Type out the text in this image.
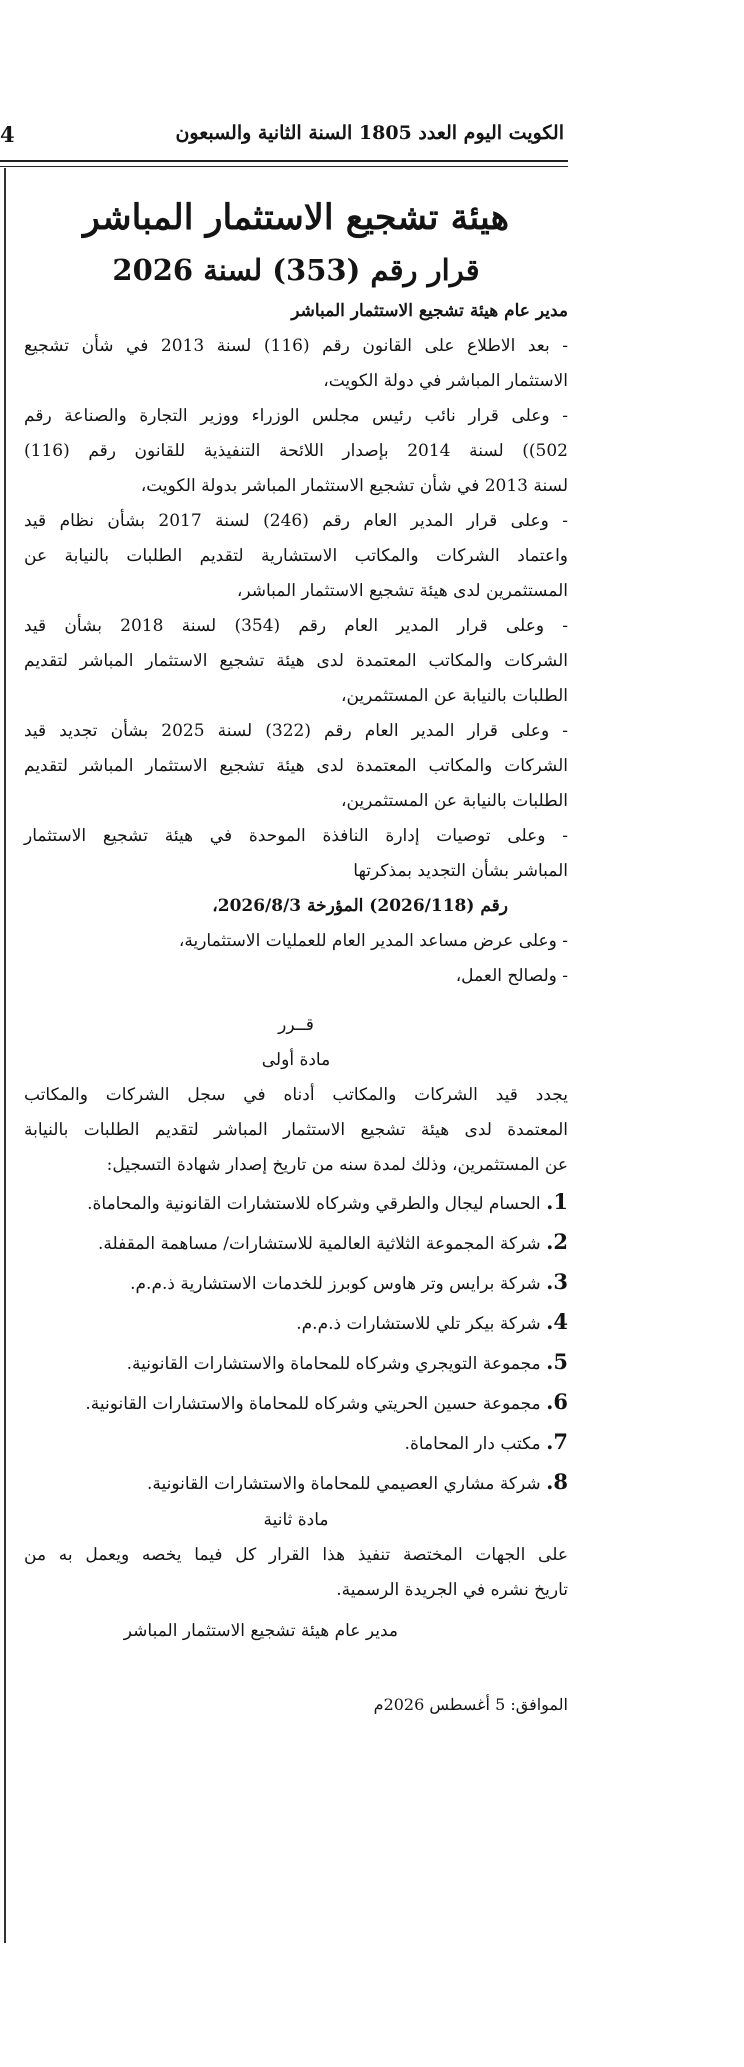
4	الكويت اليوم العدد 1805 السنة الثانية والسبعون
هيئة تشجيع الاستثمار المباشر
قرار رقم (353) لسنة 2026
مدير عام هيئة تشجيع الاستثمار المباشر
- بعد الاطلاع على القانون رقم (116) لسنة 2013 في شأن تشجيع
الاستثمار المباشر في دولة الكويت،
- وعلى قرار نائب رئيس مجلس الوزراء ووزير التجارة والصناعة رقم
502)) لسنة 2014 بإصدار اللائحة التنفيذية للقانون رقم (116)
لسنة 2013 في شأن تشجيع الاستثمار المباشر بدولة الكويت،
- وعلى قرار المدير العام رقم (246) لسنة 2017 بشأن نظام قيد
واعتماد الشركات والمكاتب الاستشارية لتقديم الطلبات بالنيابة عن
المستثمرين لدى هيئة تشجيع الاستثمار المباشر،
- وعلى قرار المدير العام رقم (354) لسنة 2018 بشأن قيد
الشركات والمكاتب المعتمدة لدى هيئة تشجيع الاستثمار المباشر لتقديم
الطلبات بالنيابة عن المستثمرين،
- وعلى قرار المدير العام رقم (322) لسنة 2025 بشأن تجديد قيد
الشركات والمكاتب المعتمدة لدى هيئة تشجيع الاستثمار المباشر لتقديم
الطلبات بالنيابة عن المستثمرين،
- وعلى توصيات إدارة النافذة الموحدة في هيئة تشجيع الاستثمار
المباشر بشأن التجديد بمذكرتها
رقم (2026/118) المؤرخة 2026/8/3،
- وعلى عرض مساعد المدير العام للعمليات الاستثمارية،
- ولصالح العمل،
قــرر
مادة أولى
يجدد قيد الشركات والمكاتب أدناه في سجل الشركات والمكاتب
المعتمدة لدى هيئة تشجيع الاستثمار المباشر لتقديم الطلبات بالنيابة
عن المستثمرين، وذلك لمدة سنه من تاريخ إصدار شهادة التسجيل:
1. الحسام ليجال والطرقي وشركاه للاستشارات القانونية والمحاماة.
2. شركة المجموعة الثلاثية العالمية للاستشارات/ مساهمة المقفلة.
3. شركة برايس وتر هاوس كوبرز للخدمات الاستشارية ذ.م.م.
4. شركة بيكر تلي للاستشارات ذ.م.م.
5. مجموعة التويجري وشركاه للمحاماة والاستشارات القانونية.
6. مجموعة حسين الحريتي وشركاه للمحاماة والاستشارات القانونية.
7. مكتب دار المحاماة.
8. شركة مشاري العصيمي للمحاماة والاستشارات القانونية.
مادة ثانية
على الجهات المختصة تنفيذ هذا القرار كل فيما يخصه ويعمل به من
تاريخ نشره في الجريدة الرسمية.
مدير عام هيئة تشجيع الاستثمار المباشر
الموافق: 5 أغسطس 2026م
